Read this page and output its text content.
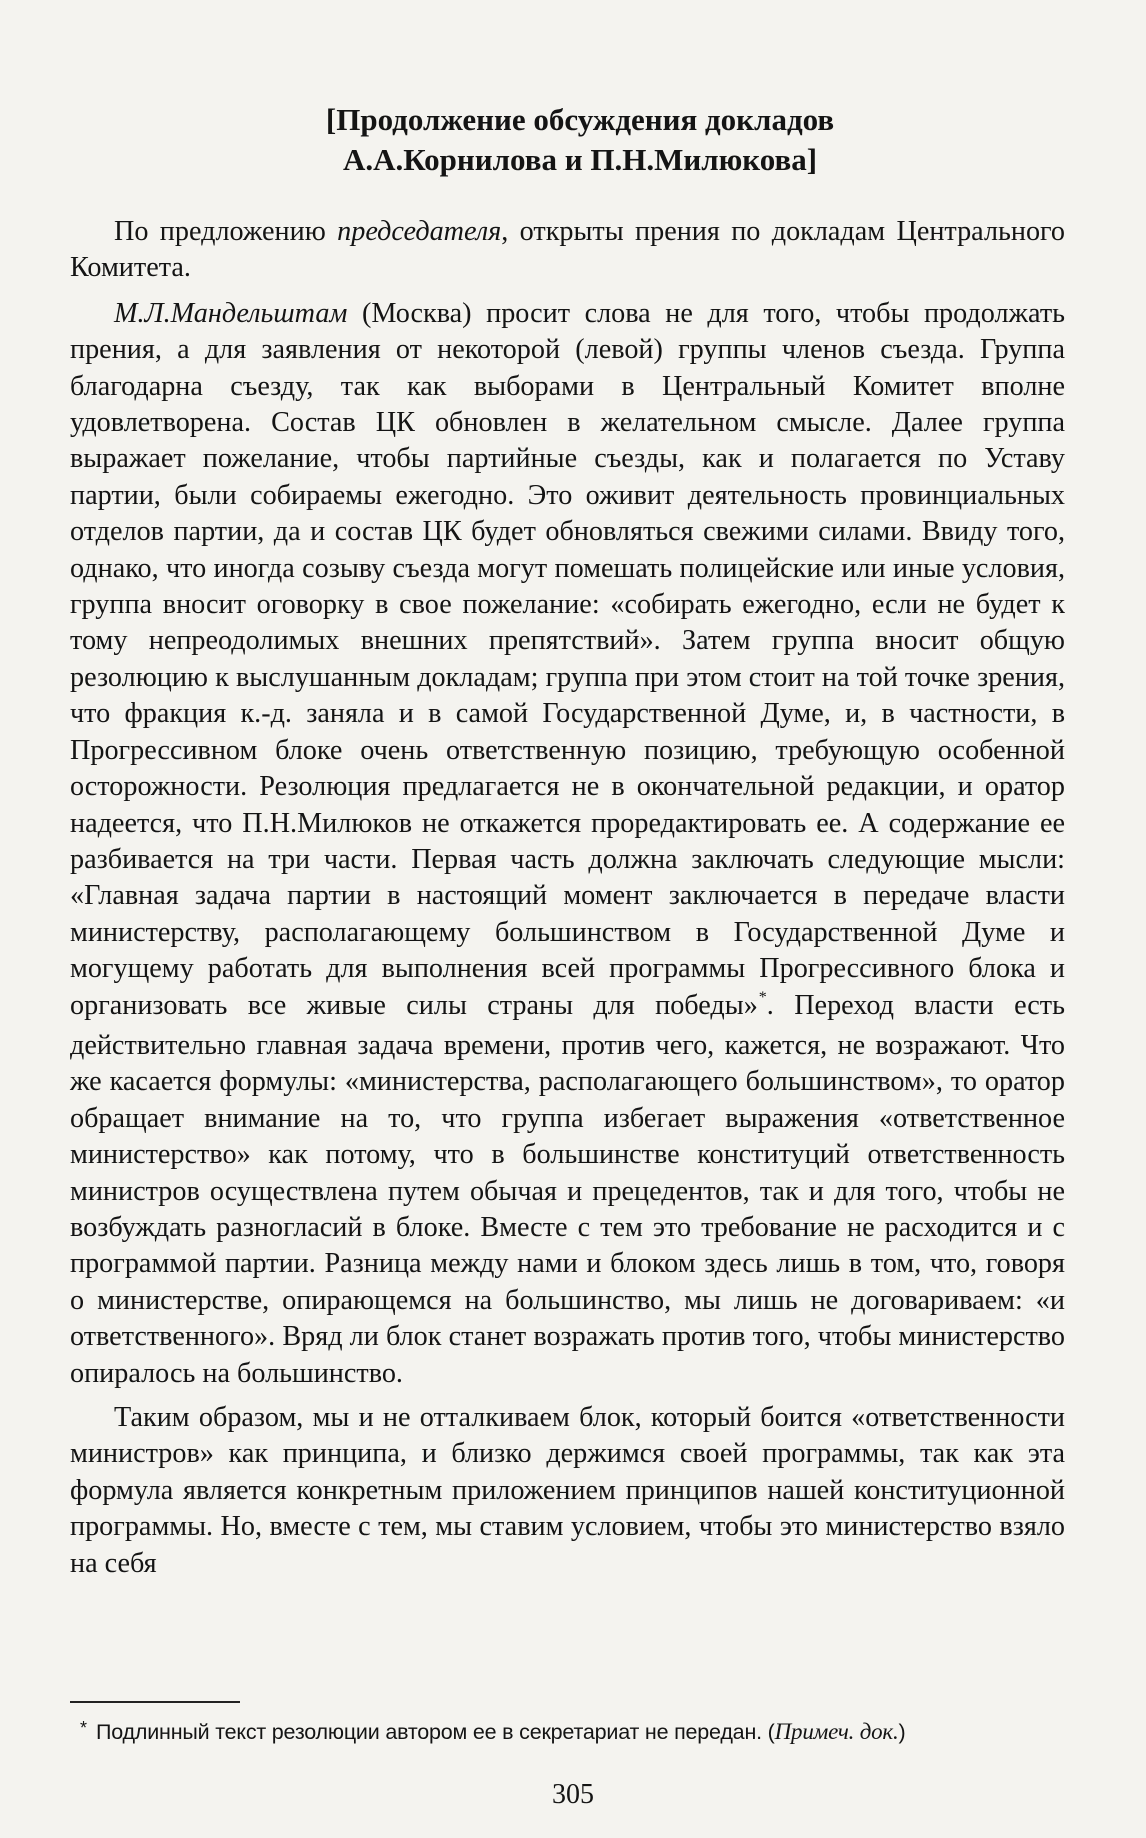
[Продолжение обсуждения докладов
А.А.Корнилова и П.Н.Милюкова]

По предложению председателя, открыты прения по докладам Центрального Комитета.

М.Л.Мандельштам (Москва) просит слова не для того, чтобы продолжать прения, а для заявления от некоторой (левой) группы членов съезда. Группа благодарна съезду, так как выборами в Центральный Комитет вполне удовлетворена. Состав ЦК обновлен в желательном смысле. Далее группа выражает пожелание, чтобы партийные съезды, как и полагается по Уставу партии, были собираемы ежегодно. Это оживит деятельность провинциальных отделов партии, да и состав ЦК будет обновляться свежими силами. Ввиду того, однако, что иногда созыву съезда могут помешать полицейские или иные условия, группа вносит оговорку в свое пожелание: «собирать ежегодно, если не будет к тому непреодолимых внешних препятствий». Затем группа вносит общую резолюцию к выслушанным докладам; группа при этом стоит на той точке зрения, что фракция к.-д. заняла и в самой Государственной Думе, и, в частности, в Прогрессивном блоке очень ответственную позицию, требующую особенной осторожности. Резолюция предлагается не в окончательной редакции, и оратор надеется, что П.Н.Милюков не откажется проредактировать ее. А содержание ее разбивается на три части. Первая часть должна заключать следующие мысли: «Главная задача партии в настоящий момент заключается в передаче власти министерству, располагающему большинством в Государственной Думе и могущему работать для выполнения всей программы Прогрессивного блока и организовать все живые силы страны для победы»*. Переход власти есть действительно главная задача времени, против чего, кажется, не возражают. Что же касается формулы: «министерства, располагающего большинством», то оратор обращает внимание на то, что группа избегает выражения «ответственное министерство» как потому, что в большинстве конституций ответственность министров осуществлена путем обычая и прецедентов, так и для того, чтобы не возбуждать разногласий в блоке. Вместе с тем это требование не расходится и с программой партии. Разница между нами и блоком здесь лишь в том, что, говоря о министерстве, опирающемся на большинство, мы лишь не договариваем: «и ответственного». Вряд ли блок станет возражать против того, чтобы министерство опиралось на большинство.

Таким образом, мы и не отталкиваем блок, который боится «ответственности министров» как принципа, и близко держимся своей программы, так как эта формула является конкретным приложением принципов нашей конституционной программы. Но, вместе с тем, мы ставим условием, чтобы это министерство взяло на себя

* Подлинный текст резолюции автором ее в секретариат не передан. (Примеч. док.)
305
